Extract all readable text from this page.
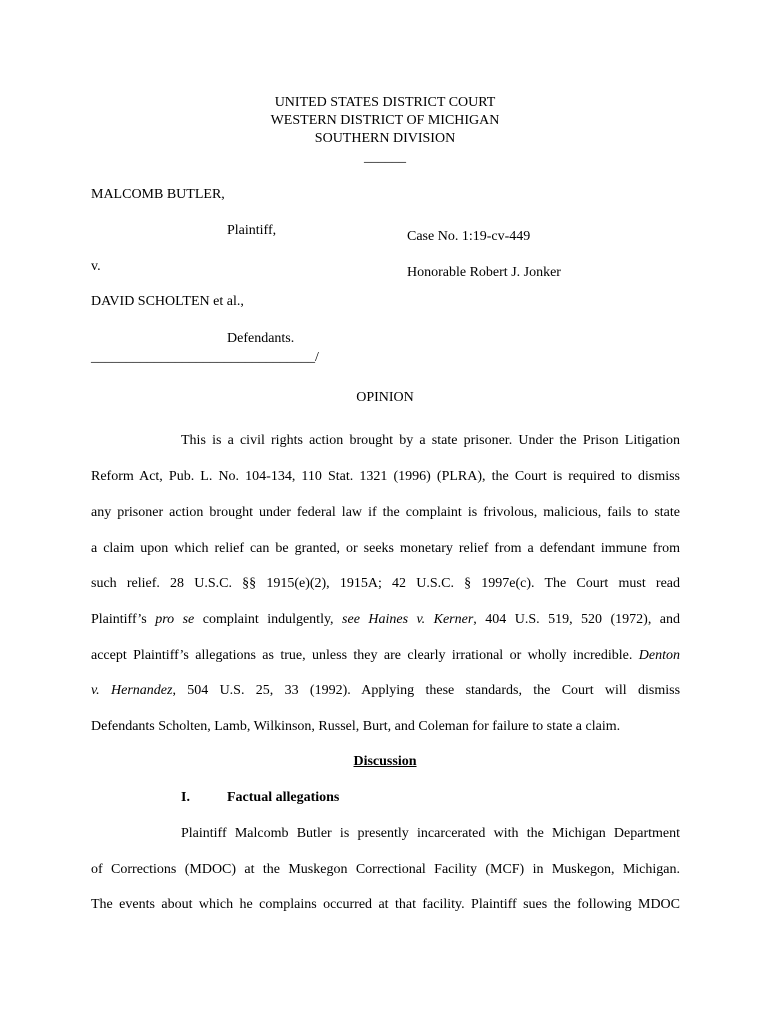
UNITED STATES DISTRICT COURT
WESTERN DISTRICT OF MICHIGAN
SOUTHERN DIVISION
______
MALCOMB BUTLER,
Plaintiff,	Case No. 1:19-cv-449
v.	Honorable Robert J. Jonker
DAVID SCHOLTEN et al.,
Defendants.
________________________________/
OPINION
This is a civil rights action brought by a state prisoner. Under the Prison Litigation
Reform Act, Pub. L. No. 104-134, 110 Stat. 1321 (1996) (PLRA), the Court is required to dismiss
any prisoner action brought under federal law if the complaint is frivolous, malicious, fails to state
a claim upon which relief can be granted, or seeks monetary relief from a defendant immune from
such relief. 28 U.S.C. §§ 1915(e)(2), 1915A; 42 U.S.C. § 1997e(c). The Court must read
Plaintiff’s pro se complaint indulgently, see Haines v. Kerner, 404 U.S. 519, 520 (1972), and
accept Plaintiff’s allegations as true, unless they are clearly irrational or wholly incredible. Denton
v. Hernandez, 504 U.S. 25, 33 (1992). Applying these standards, the Court will dismiss
Defendants Scholten, Lamb, Wilkinson, Russel, Burt, and Coleman for failure to state a claim.
Discussion
I.	Factual allegations
Plaintiff Malcomb Butler is presently incarcerated with the Michigan Department
of Corrections (MDOC) at the Muskegon Correctional Facility (MCF) in Muskegon, Michigan.
The events about which he complains occurred at that facility. Plaintiff sues the following MDOC
